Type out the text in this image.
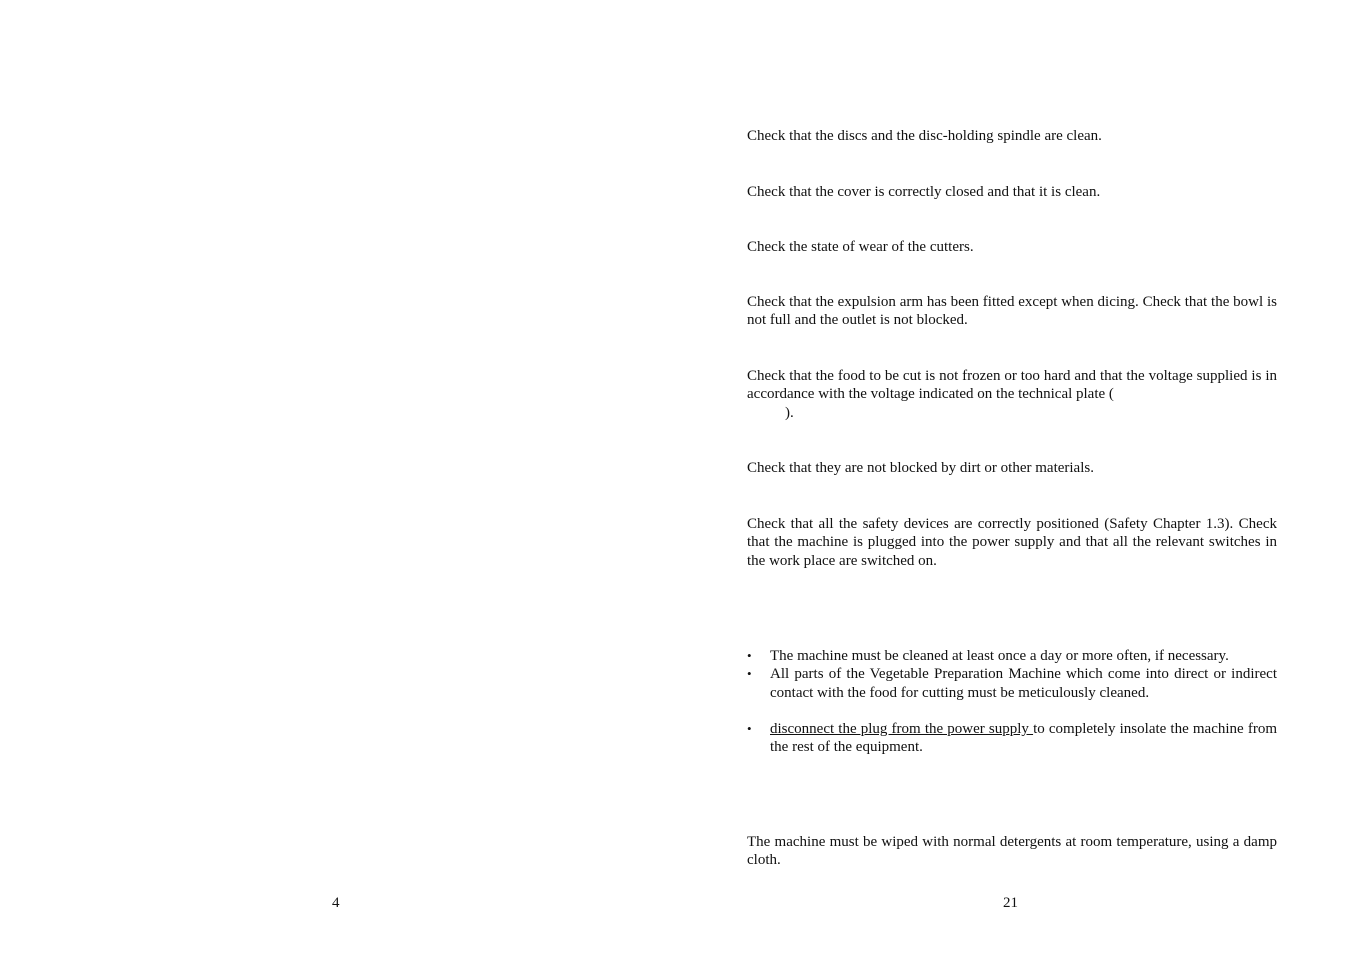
4

Check that the discs and the disc-holding spindle are clean.

Check that the cover is correctly closed and that it is clean.

Check the state of wear of the cutters.

Check that the expulsion arm has been fitted except when dicing. Check that the bowl is not full and the outlet is not blocked.

Check that the food to be cut is not frozen or too hard and that the voltage supplied is in accordance with the voltage indicated on the technical plate (
).

Check that they are not blocked by dirt or other materials.

Check that all the safety devices are correctly positioned (Safety Chapter 1.3). Check that the machine is plugged into the power supply and that all the relevant switches in the work place are switched on.

• The machine must be cleaned at least once a day or more often, if necessary.
• All parts of the Vegetable Preparation Machine which come into direct or indirect contact with the food for cutting must be meticulously cleaned.
• disconnect the plug from the power supply to completely insolate the machine from the rest of the equipment.

The machine must be wiped with normal detergents at room temperature, using a damp cloth.

21
